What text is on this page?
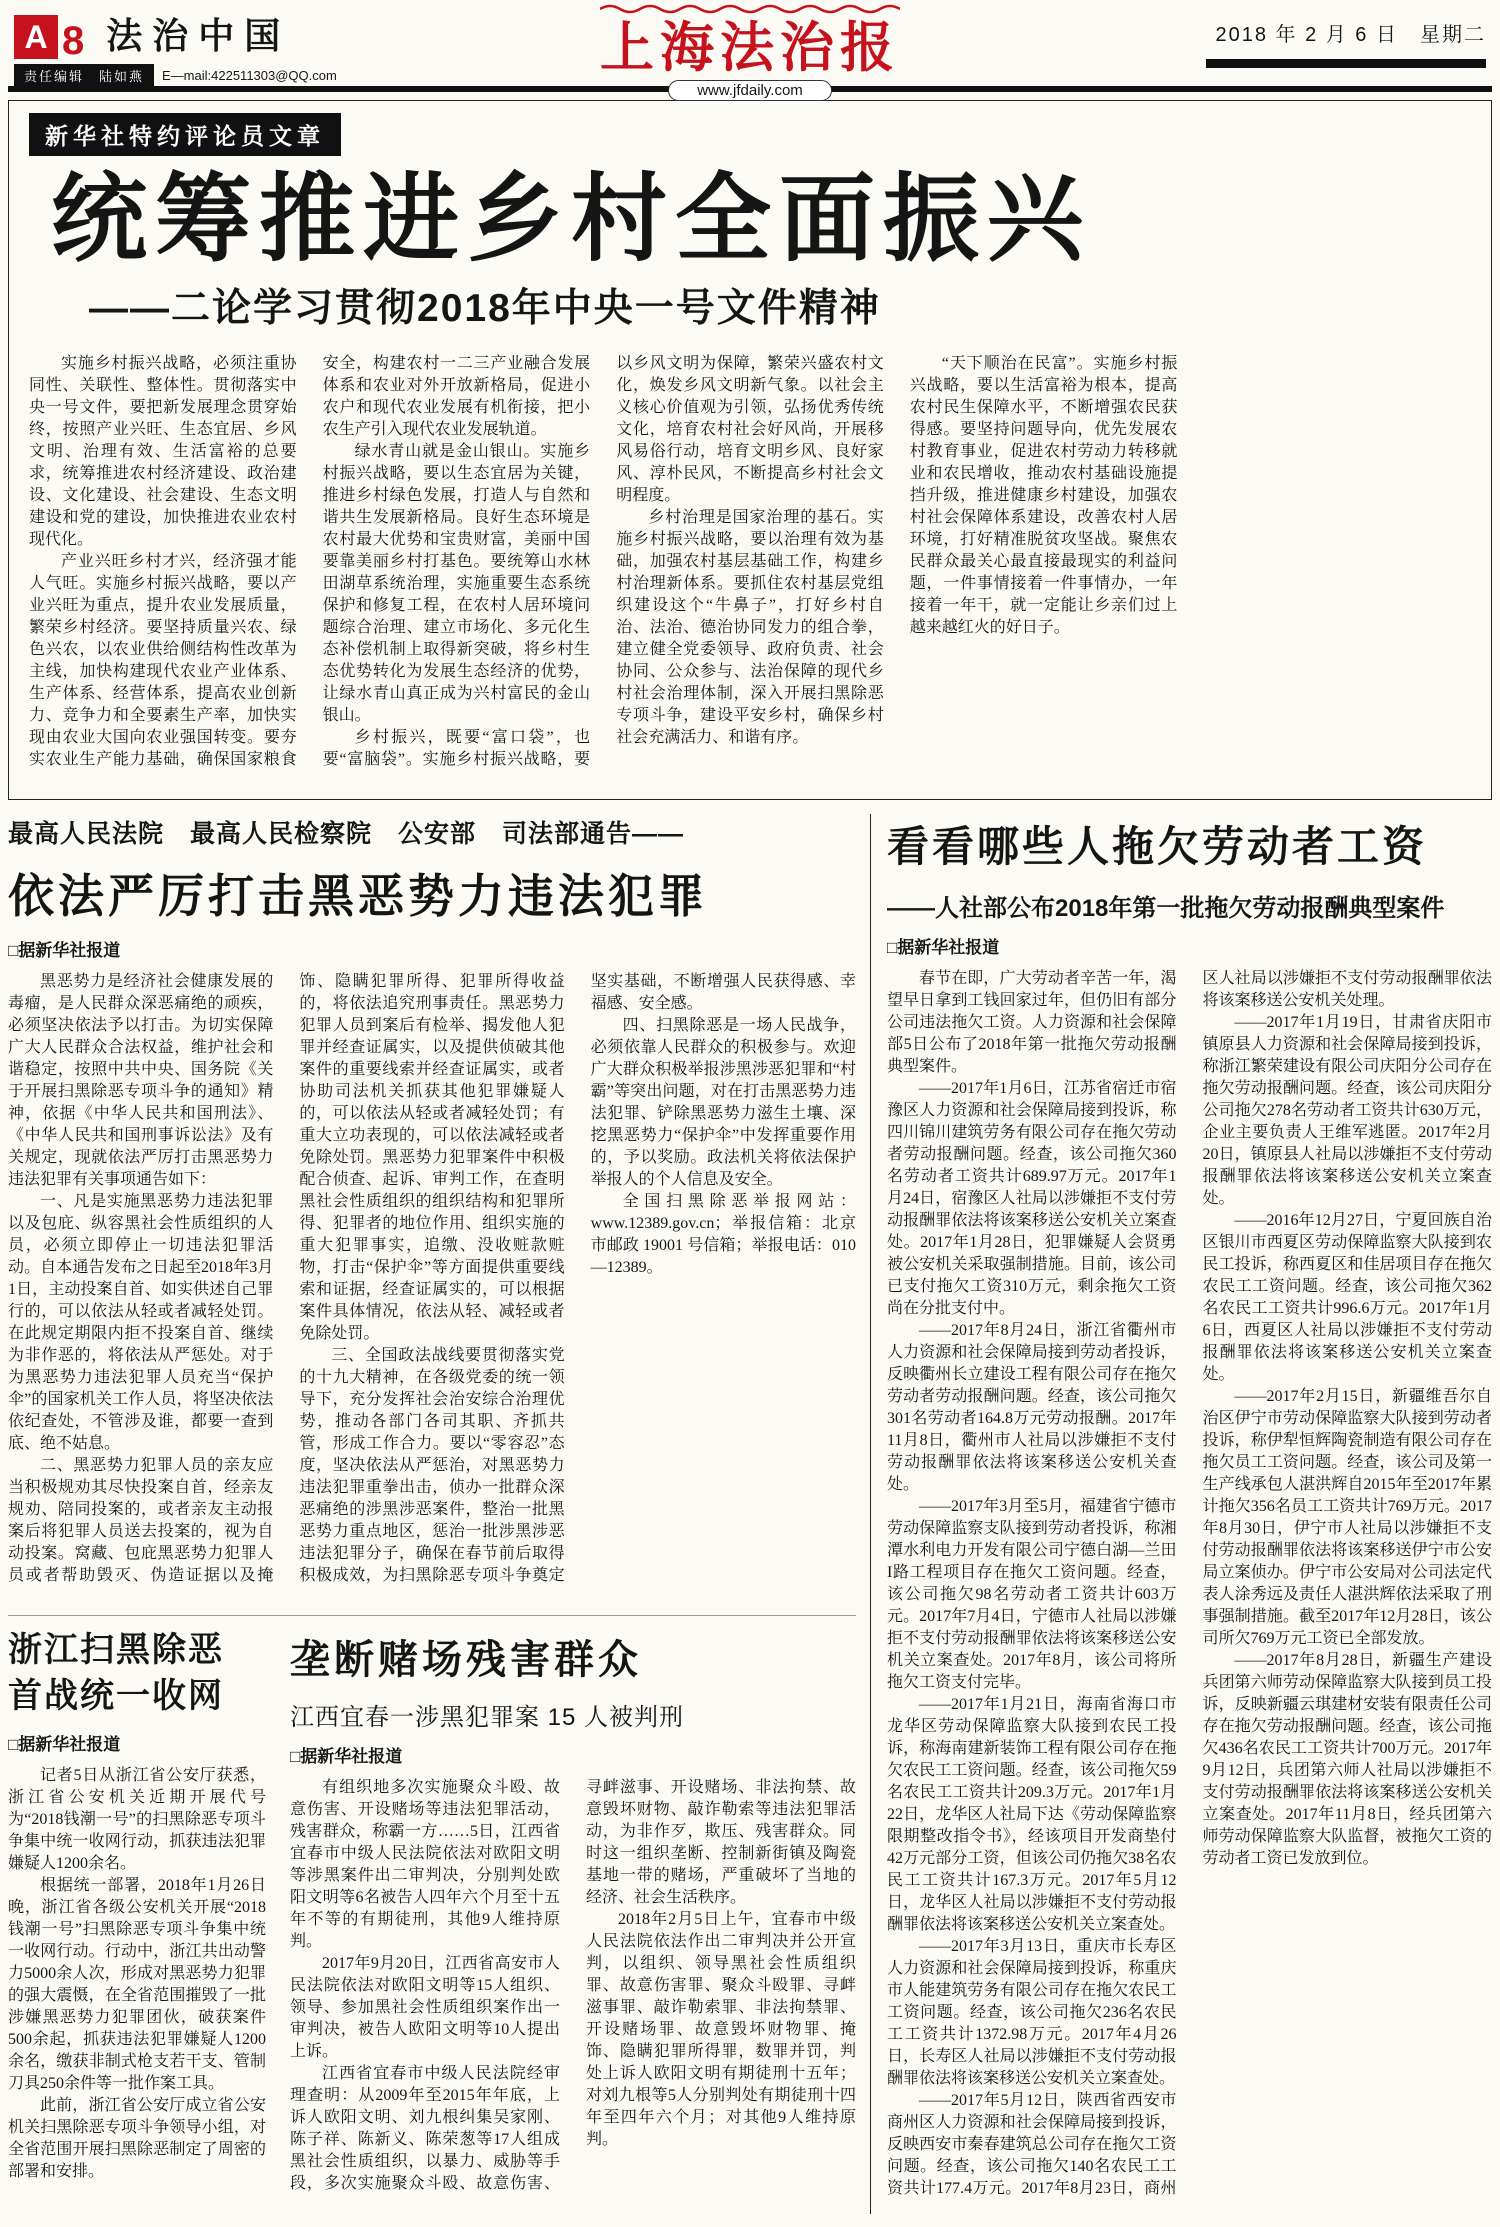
A 8 法治中国
责任编辑　陆如燕	E—mail:422511303@QQ.com	上海法治报
www.jfdaily.com
2018 年 2 月 6 日　星期二
新华社特约评论员文章
统筹推进乡村全面振兴
——二论学习贯彻2018年中央一号文件精神

实施乡村振兴战略，必须注重协同性、关联性、整体性。贯彻落实中央一号文件，要把新发展理念贯穿始终，按照产业兴旺、生态宜居、乡风文明、治理有效、生活富裕的总要求，统筹推进农村经济建设、政治建设、文化建设、社会建设、生态文明建设和党的建设，加快推进农业农村现代化。

产业兴旺乡村才兴，经济强才能人气旺。实施乡村振兴战略，要以产业兴旺为重点，提升农业发展质量，繁荣乡村经济。要坚持质量兴农、绿色兴农，以农业供给侧结构性改革为主线，加快构建现代农业产业体系、生产体系、经营体系，提高农业创新力、竞争力和全要素生产率，加快实现由农业大国向农业强国转变。要夯实农业生产能力基础，确保国家粮食安全，构建农村一二三产业融合发展体系和农业对外开放新格局，促进小农户和现代农业发展有机衔接，把小农生产引入现代农业发展轨道。

绿水青山就是金山银山。实施乡村振兴战略，要以生态宜居为关键，推进乡村绿色发展，打造人与自然和谐共生发展新格局。良好生态环境是农村最大优势和宝贵财富，美丽中国要靠美丽乡村打基色。要统筹山水林田湖草系统治理，实施重要生态系统保护和修复工程，在农村人居环境问题综合治理、建立市场化、多元化生态补偿机制上取得新突破，将乡村生态优势转化为发展生态经济的优势，让绿水青山真正成为兴村富民的金山银山。

乡村振兴，既要“富口袋”，也要“富脑袋”。实施乡村振兴战略，要以乡风文明为保障，繁荣兴盛农村文化，焕发乡风文明新气象。以社会主义核心价值观为引领，弘扬优秀传统文化，培育农村社会好风尚，开展移风易俗行动，培育文明乡风、良好家风、淳朴民风，不断提高乡村社会文明程度。

乡村治理是国家治理的基石。实施乡村振兴战略，要以治理有效为基础，加强农村基层基础工作，构建乡村治理新体系。要抓住农村基层党组织建设这个“牛鼻子”，打好乡村自治、法治、德治协同发力的组合拳，建立健全党委领导、政府负责、社会协同、公众参与、法治保障的现代乡村社会治理体制，深入开展扫黑除恶专项斗争，建设平安乡村，确保乡村社会充满活力、和谐有序。

“天下顺治在民富”。实施乡村振兴战略，要以生活富裕为根本，提高农村民生保障水平，不断增强农民获得感。要坚持问题导向，优先发展农村教育事业，促进农村劳动力转移就业和农民增收，推动农村基础设施提挡升级，推进健康乡村建设，加强农村社会保障体系建设，改善农村人居环境，打好精准脱贫攻坚战。聚焦农民群众最关心最直接最现实的利益问题，一件事情接着一件事情办，一年接着一年干，就一定能让乡亲们过上越来越红火的好日子。

最高人民法院　最高人民检察院　公安部　司法部通告——
依法严厉打击黑恶势力违法犯罪
□据新华社报道

黑恶势力是经济社会健康发展的毒瘤，是人民群众深恶痛绝的顽疾，必须坚决依法予以打击。为切实保障广大人民群众合法权益，维护社会和谐稳定，按照中共中央、国务院《关于开展扫黑除恶专项斗争的通知》精神，依据《中华人民共和国刑法》、《中华人民共和国刑事诉讼法》及有关规定，现就依法严厉打击黑恶势力违法犯罪有关事项通告如下：

一、凡是实施黑恶势力违法犯罪以及包庇、纵容黑社会性质组织的人员，必须立即停止一切违法犯罪活动。自本通告发布之日起至2018年3月1日，主动投案自首、如实供述自己罪行的，可以依法从轻或者减轻处罚。在此规定期限内拒不投案自首、继续为非作恶的，将依法从严惩处。对于为黑恶势力违法犯罪人员充当“保护伞”的国家机关工作人员，将坚决依法依纪查处，不管涉及谁，都要一查到底、绝不姑息。

二、黑恶势力犯罪人员的亲友应当积极规劝其尽快投案自首，经亲友规劝、陪同投案的，或者亲友主动报案后将犯罪人员送去投案的，视为自动投案。窝藏、包庇黑恶势力犯罪人员或者帮助毁灭、伪造证据以及掩饰、隐瞒犯罪所得、犯罪所得收益的，将依法追究刑事责任。黑恶势力犯罪人员到案后有检举、揭发他人犯罪并经查证属实，以及提供侦破其他案件的重要线索并经查证属实，或者协助司法机关抓获其他犯罪嫌疑人的，可以依法从轻或者减轻处罚；有重大立功表现的，可以依法减轻或者免除处罚。黑恶势力犯罪案件中积极配合侦查、起诉、审判工作，在查明黑社会性质组织的组织结构和犯罪所得、犯罪者的地位作用、组织实施的重大犯罪事实，追缴、没收赃款赃物，打击“保护伞”等方面提供重要线索和证据，经查证属实的，可以根据案件具体情况，依法从轻、减轻或者免除处罚。

三、全国政法战线要贯彻落实党的十九大精神，在各级党委的统一领导下，充分发挥社会治安综合治理优势，推动各部门各司其职、齐抓共管，形成工作合力。要以“零容忍”态度，坚决依法从严惩治，对黑恶势力违法犯罪重拳出击，侦办一批群众深恶痛绝的涉黑涉恶案件，整治一批黑恶势力重点地区，惩治一批涉黑涉恶违法犯罪分子，确保在春节前后取得积极成效，为扫黑除恶专项斗争奠定坚实基础，不断增强人民获得感、幸福感、安全感。

四、扫黑除恶是一场人民战争，必须依靠人民群众的积极参与。欢迎广大群众积极举报涉黑涉恶犯罪和“村霸”等突出问题，对在打击黑恶势力违法犯罪、铲除黑恶势力滋生土壤、深挖黑恶势力“保护伞”中发挥重要作用的，予以奖励。政法机关将依法保护举报人的个人信息及安全。

全国扫黑除恶举报网站：www.12389.gov.cn；举报信箱：北京市邮政 19001 号信箱；举报电话：010—12389。

浙江扫黑除恶
首战统一收网
□据新华社报道

记者5日从浙江省公安厅获悉，浙江省公安机关近期开展代号为“2018钱潮一号”的扫黑除恶专项斗争集中统一收网行动，抓获违法犯罪嫌疑人1200余名。

根据统一部署，2018年1月26日晚，浙江省各级公安机关开展“2018钱潮一号”扫黑除恶专项斗争集中统一收网行动。行动中，浙江共出动警力5000余人次，形成对黑恶势力犯罪的强大震慑，在全省范围摧毁了一批涉嫌黑恶势力犯罪团伙，破获案件500余起，抓获违法犯罪嫌疑人1200余名，缴获非制式枪支若干支、管制刀具250余件等一批作案工具。

此前，浙江省公安厅成立省公安机关扫黑除恶专项斗争领导小组，对全省范围开展扫黑除恶制定了周密的部署和安排。

垄断赌场残害群众
江西宜春一涉黑犯罪案 15 人被判刑
□据新华社报道

有组织地多次实施聚众斗殴、故意伤害、开设赌场等违法犯罪活动，残害群众，称霸一方……5日，江西省宜春市中级人民法院依法对欧阳文明等涉黑案件出二审判决，分别判处欧阳文明等6名被告人四年六个月至十五年不等的有期徒刑，其他9人维持原判。

2017年9月20日，江西省高安市人民法院依法对欧阳文明等15人组织、领导、参加黑社会性质组织案作出一审判决，被告人欧阳文明等10人提出上诉。

江西省宜春市中级人民法院经审理查明：从2009年至2015年年底，上诉人欧阳文明、刘九根纠集吴家刚、陈子祥、陈新义、陈荣葱等17人组成黑社会性质组织，以暴力、威胁等手段，多次实施聚众斗殴、故意伤害、寻衅滋事、开设赌场、非法拘禁、故意毁坏财物、敲诈勒索等违法犯罪活动，为非作歹，欺压、残害群众。同时这一组织垄断、控制新街镇及陶瓷基地一带的赌场，严重破坏了当地的经济、社会生活秩序。

2018年2月5日上午，宜春市中级人民法院依法作出二审判决并公开宣判，以组织、领导黑社会性质组织罪、故意伤害罪、聚众斗殴罪、寻衅滋事罪、敲诈勒索罪、非法拘禁罪、开设赌场罪、故意毁坏财物罪、掩饰、隐瞒犯罪所得罪，数罪并罚，判处上诉人欧阳文明有期徒刑十五年；对刘九根等5人分别判处有期徒刑十四年至四年六个月；对其他9人维持原判。

看看哪些人拖欠劳动者工资
——人社部公布2018年第一批拖欠劳动报酬典型案件
□据新华社报道

春节在即，广大劳动者辛苦一年，渴望早日拿到工钱回家过年，但仍旧有部分公司违法拖欠工资。人力资源和社会保障部5日公布了2018年第一批拖欠劳动报酬典型案件。

——2017年1月6日，江苏省宿迁市宿豫区人力资源和社会保障局接到投诉，称四川锦川建筑劳务有限公司存在拖欠劳动者劳动报酬问题。经查，该公司拖欠360名劳动者工资共计689.97万元。2017年1月24日，宿豫区人社局以涉嫌拒不支付劳动报酬罪依法将该案移送公安机关立案查处。2017年1月28日，犯罪嫌疑人会贤勇被公安机关采取强制措施。目前，该公司已支付拖欠工资310万元，剩余拖欠工资尚在分批支付中。

——2017年8月24日，浙江省衢州市人力资源和社会保障局接到劳动者投诉，反映衢州长立建设工程有限公司存在拖欠劳动者劳动报酬问题。经查，该公司拖欠301名劳动者164.8万元劳动报酬。2017年11月8日，衢州市人社局以涉嫌拒不支付劳动报酬罪依法将该案移送公安机关查处。

——2017年3月至5月，福建省宁德市劳动保障监察支队接到劳动者投诉，称湘潭水利电力开发有限公司宁德白湖—兰田I路工程项目存在拖欠工资问题。经查，该公司拖欠98名劳动者工资共计603万元。2017年7月4日，宁德市人社局以涉嫌拒不支付劳动报酬罪依法将该案移送公安机关立案查处。2017年8月，该公司将所拖欠工资支付完毕。

——2017年1月21日，海南省海口市龙华区劳动保障监察大队接到农民工投诉，称海南建新装饰工程有限公司存在拖欠农民工工资问题。经查，该公司拖欠59名农民工工资共计209.3万元。2017年1月22日，龙华区人社局下达《劳动保障监察限期整改指令书》，经该项目开发商垫付42万元部分工资，但该公司仍拖欠38名农民工工资共计167.3万元。2017年5月12日，龙华区人社局以涉嫌拒不支付劳动报酬罪依法将该案移送公安机关立案查处。

——2017年3月13日，重庆市长寿区人力资源和社会保障局接到投诉，称重庆市人能建筑劳务有限公司存在拖欠农民工工资问题。经查，该公司拖欠236名农民工工资共计1372.98万元。2017年4月26日，长寿区人社局以涉嫌拒不支付劳动报酬罪依法将该案移送公安机关立案查处。

——2017年5月12日，陕西省西安市商州区人力资源和社会保障局接到投诉，反映西安市秦春建筑总公司存在拖欠工资问题。经查，该公司拖欠140名农民工工资共计177.4万元。2017年8月23日，商州区人社局以涉嫌拒不支付劳动报酬罪依法将该案移送公安机关处理。

——2017年1月19日，甘肃省庆阳市镇原县人力资源和社会保障局接到投诉，称浙江繁荣建设有限公司庆阳分公司存在拖欠劳动报酬问题。经查，该公司庆阳分公司拖欠278名劳动者工资共计630万元，企业主要负责人王维军逃匿。2017年2月20日，镇原县人社局以涉嫌拒不支付劳动报酬罪依法将该案移送公安机关立案查处。

——2016年12月27日，宁夏回族自治区银川市西夏区劳动保障监察大队接到农民工投诉，称西夏区和佳居项目存在拖欠农民工工资问题。经查，该公司拖欠362名农民工工资共计996.6万元。2017年1月6日，西夏区人社局以涉嫌拒不支付劳动报酬罪依法将该案移送公安机关立案查处。

——2017年2月15日，新疆维吾尔自治区伊宁市劳动保障监察大队接到劳动者投诉，称伊犁恒辉陶瓷制造有限公司存在拖欠员工工资问题。经查，该公司及第一生产线承包人湛洪辉自2015年至2017年累计拖欠356名员工工资共计769万元。2017年8月30日，伊宁市人社局以涉嫌拒不支付劳动报酬罪依法将该案移送伊宁市公安局立案侦办。伊宁市公安局对公司法定代表人涂秀远及责任人湛洪辉依法采取了刑事强制措施。截至2017年12月28日，该公司所欠769万元工资已全部发放。

——2017年8月28日，新疆生产建设兵团第六师劳动保障监察大队接到员工投诉，反映新疆云琪建材安装有限责任公司存在拖欠劳动报酬问题。经查，该公司拖欠436名农民工工资共计700万元。2017年9月12日，兵团第六师人社局以涉嫌拒不支付劳动报酬罪依法将该案移送公安机关立案查处。2017年11月8日，经兵团第六师劳动保障监察大队监督，被拖欠工资的劳动者工资已发放到位。
